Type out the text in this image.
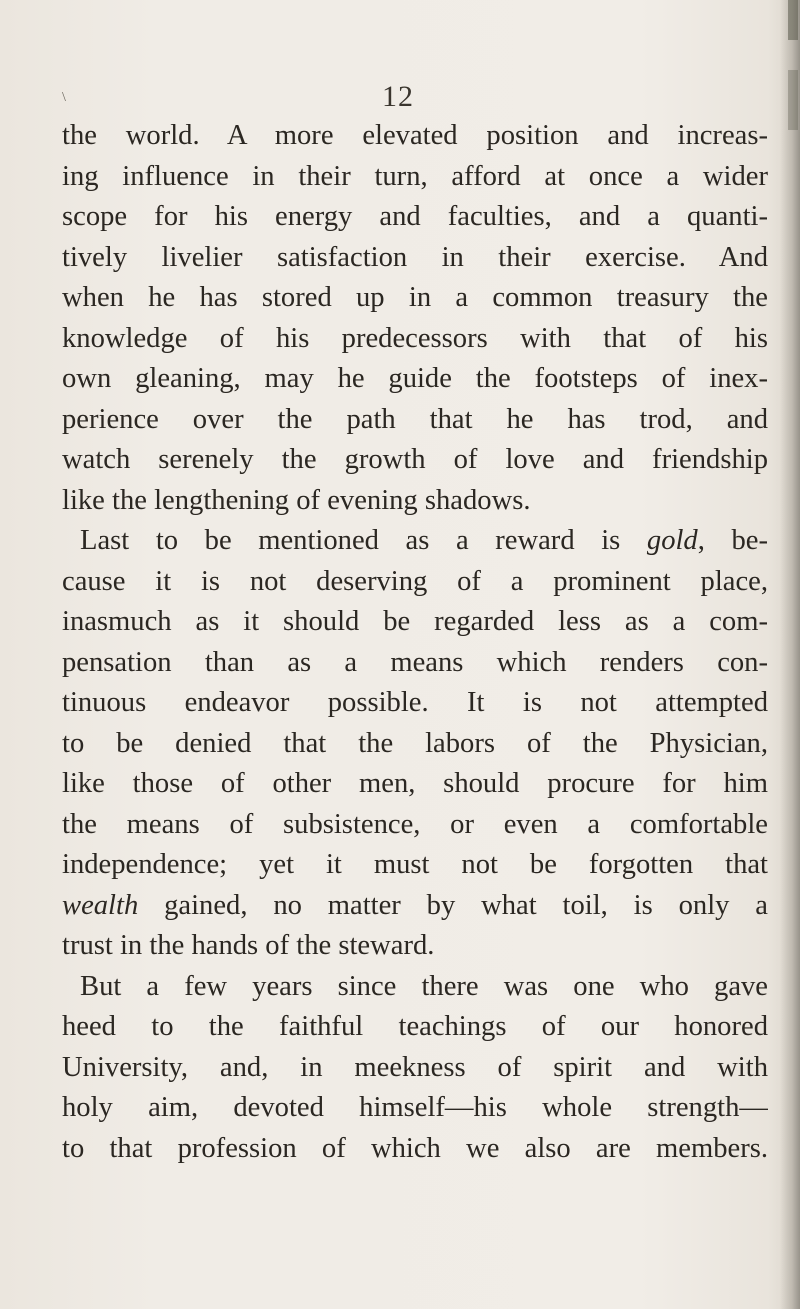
\	12
the world. A more elevated position and increas-
ing influence in their turn, afford at once a wider
scope for his energy and faculties, and a quanti-
tively livelier satisfaction in their exercise. And
when he has stored up in a common treasury the
knowledge of his predecessors with that of his
own gleaning, may he guide the footsteps of inex-
perience over the path that he has trod, and
watch serenely the growth of love and friendship
like the lengthening of evening shadows.
Last to be mentioned as a reward is gold, be-
cause it is not deserving of a prominent place,
inasmuch as it should be regarded less as a com-
pensation than as a means which renders con-
tinuous endeavor possible. It is not attempted
to be denied that the labors of the Physician,
like those of other men, should procure for him
the means of subsistence, or even a comfortable
independence; yet it must not be forgotten that
wealth gained, no matter by what toil, is only a
trust in the hands of the steward.
But a few years since there was one who gave
heed to the faithful teachings of our honored
University, and, in meekness of spirit and with
holy aim, devoted himself—his whole strength—
to that profession of which we also are members.
